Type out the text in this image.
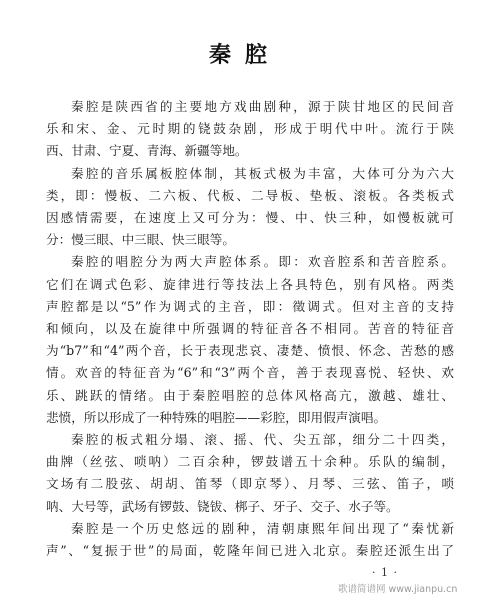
秦腔
秦腔是陕西省的主要地方戏曲剧种，源于陕甘地区的民间音
乐和宋、金、元时期的铙鼓杂剧，形成于明代中叶。流行于陕
西、甘肃、宁夏、青海、新疆等地。
秦腔的音乐属板腔体制，其板式极为丰富，大体可分为六大
类，即：慢板、二六板、代板、二导板、垫板、滚板。各类板式
因感情需要，在速度上又可分为：慢、中、快三种，如慢板就可
分：慢三眼、中三眼、快三眼等。
秦腔的唱腔分为两大声腔体系。即：欢音腔系和苦音腔系。
它们在调式色彩、旋律进行等技法上各具特色，别有风格。两类
声腔都是以“5”作为调式的主音，即：徵调式。但对主音的支持
和倾向，以及在旋律中所强调的特征音各不相同。苦音的特征音
为“b7”和“4”两个音，长于表现悲哀、凄楚、愤恨、怀念、苦愁的感
情。欢音的特征音为“6”和“3”两个音，善于表现喜悦、轻快、欢
乐、跳跃的情绪。由于秦腔唱腔的总体风格高亢，激越、雄壮、
悲愤，所以形成了一种特殊的唱腔——彩腔，即用假声演唱。
秦腔的板式粗分塌、滚、摇、代、尖五部，细分二十四类，
曲牌（丝弦、唢呐）二百余种，锣鼓谱五十余种。乐队的编制，
文场有二股弦、胡胡、笛琴（即京琴）、月琴、三弦、笛子，唢
呐、大号等，武场有锣鼓、铙钹、梆子、牙子、交子、水子等。
秦腔是一个历史悠远的剧种，清朝康熙年间出现了“秦忧新
声”、“复振于世”的局面，乾隆年间已进入北京。秦腔还派生出了
· 1 ·
歌谱简谱网 www.jianpu.cn
